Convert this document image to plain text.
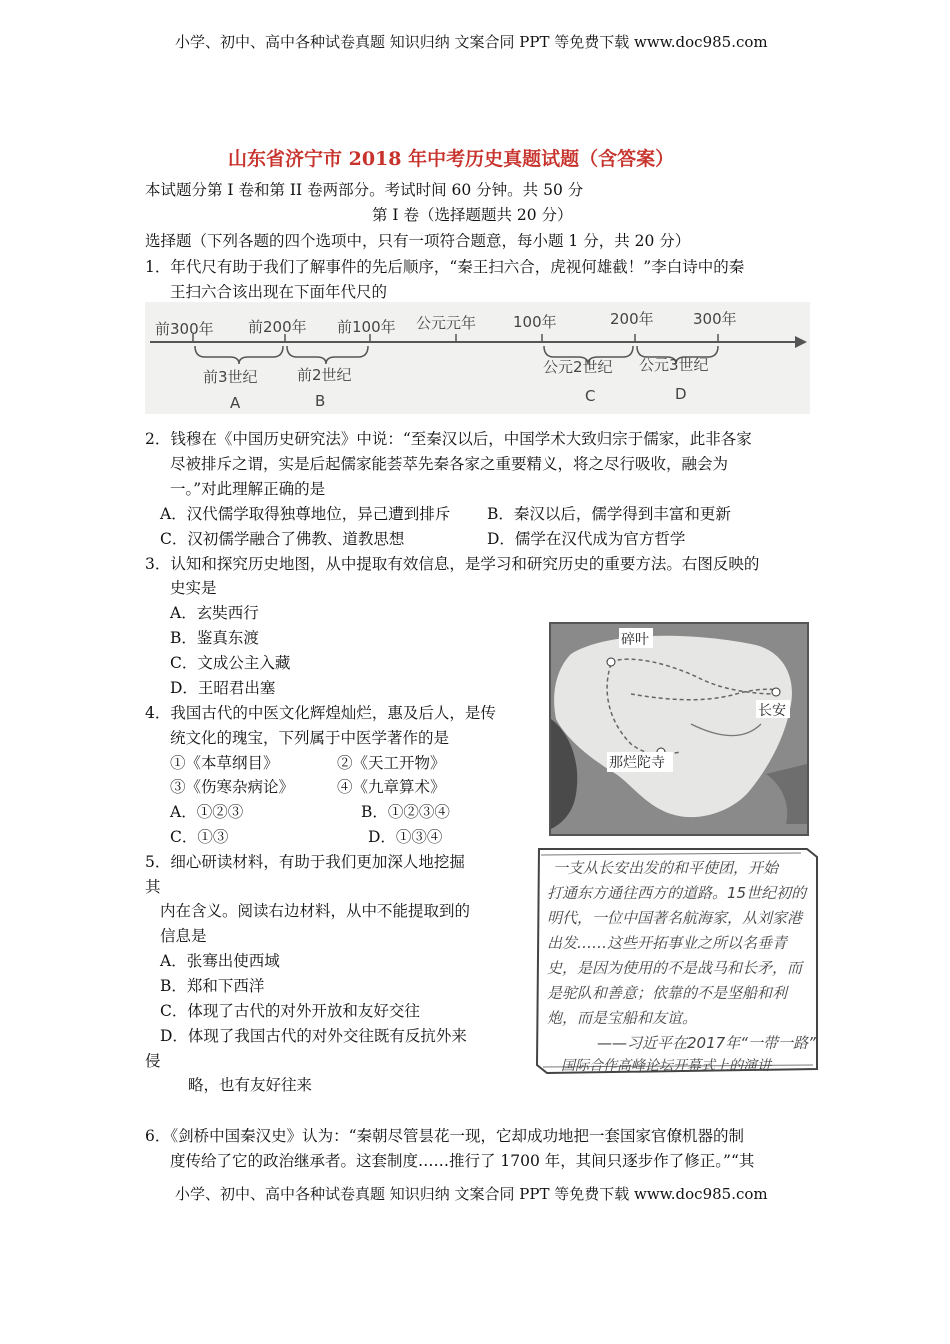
小学、初中、高中各种试卷真题 知识归纳 文案合同 PPT 等免费下载 www.doc985.com
山东省济宁市 2018 年中考历史真题试题（含答案）
本试题分第 I 卷和第 II 卷两部分。考试时间 60 分钟。共 50 分
第 I 卷（选择题题共 20 分）
选择题（下列各题的四个选项中，只有一项符合题意，每小题 1 分，共 20 分）
1．年代尺有助于我们了解事件的先后顺序，“秦王扫六合，虎视何雄截！”李白诗中的秦
王扫六合该出现在下面年代尺的
前300年 前200年 前100年 公元元年 100年	200年	300年
前3世纪	前2世纪	公元2世纪 公元3世纪
A	B	C	D
2．钱穆在《中国历史研究法》中说：“至秦汉以后，中国学术大致归宗于儒家，此非各家
尽被排斥之谓，实是后起儒家能荟萃先秦各家之重要精义，将之尽行吸收，融会为
一。”对此理解正确的是
A．汉代儒学取得独尊地位，异己遭到排斥 B．秦汉以后，儒学得到丰富和更新
C．汉初儒学融合了佛教、道教思想	D．儒学在汉代成为官方哲学
3．认知和探究历史地图，从中提取有效信息，是学习和研究历史的重要方法。右图反映的
史实是
A．玄奘西行
B．鉴真东渡
C．文成公主入藏
D．王昭君出塞
碎叶
长安
那烂陀寺
4．我国古代的中医文化辉煌灿烂，惠及后人，是传
统文化的瑰宝，下列属于中医学著作的是
①《本草纲目》	②《天工开物》
③《伤寒杂病论》	④《九章算术》
A．①②③	B．①②③④
C．①③	D．①③④
5．细心研读材料，有助于我们更加深人地挖掘
其
内在含义。阅读右边材料，从中不能提取到的
信息是
A．张骞出使西域
B．郑和下西洋
C．体现了古代的对外开放和友好交往
D．体现了我国古代的对外交往既有反抗外来
侵
略，也有友好往来
一支从长安出发的和平使团，开始
打通东方通往西方的道路。15世纪初的
明代，一位中国著名航海家，从刘家港
出发……这些开拓事业之所以名垂青
史，是因为使用的不是战马和长矛，而
是驼队和善意；依靠的不是坚船和利
炮，而是宝船和友谊。
——习近平在2017年“一带一路”
国际合作高峰论坛开幕式上的演讲
6．《剑桥中国秦汉史》认为：“秦朝尽管昙花一现，它却成功地把一套国家官僚机器的制
度传给了它的政治继承者。这套制度……推行了 1700 年，其间只逐步作了修正。”“其
小学、初中、高中各种试卷真题 知识归纳 文案合同 PPT 等免费下载 www.doc985.com
